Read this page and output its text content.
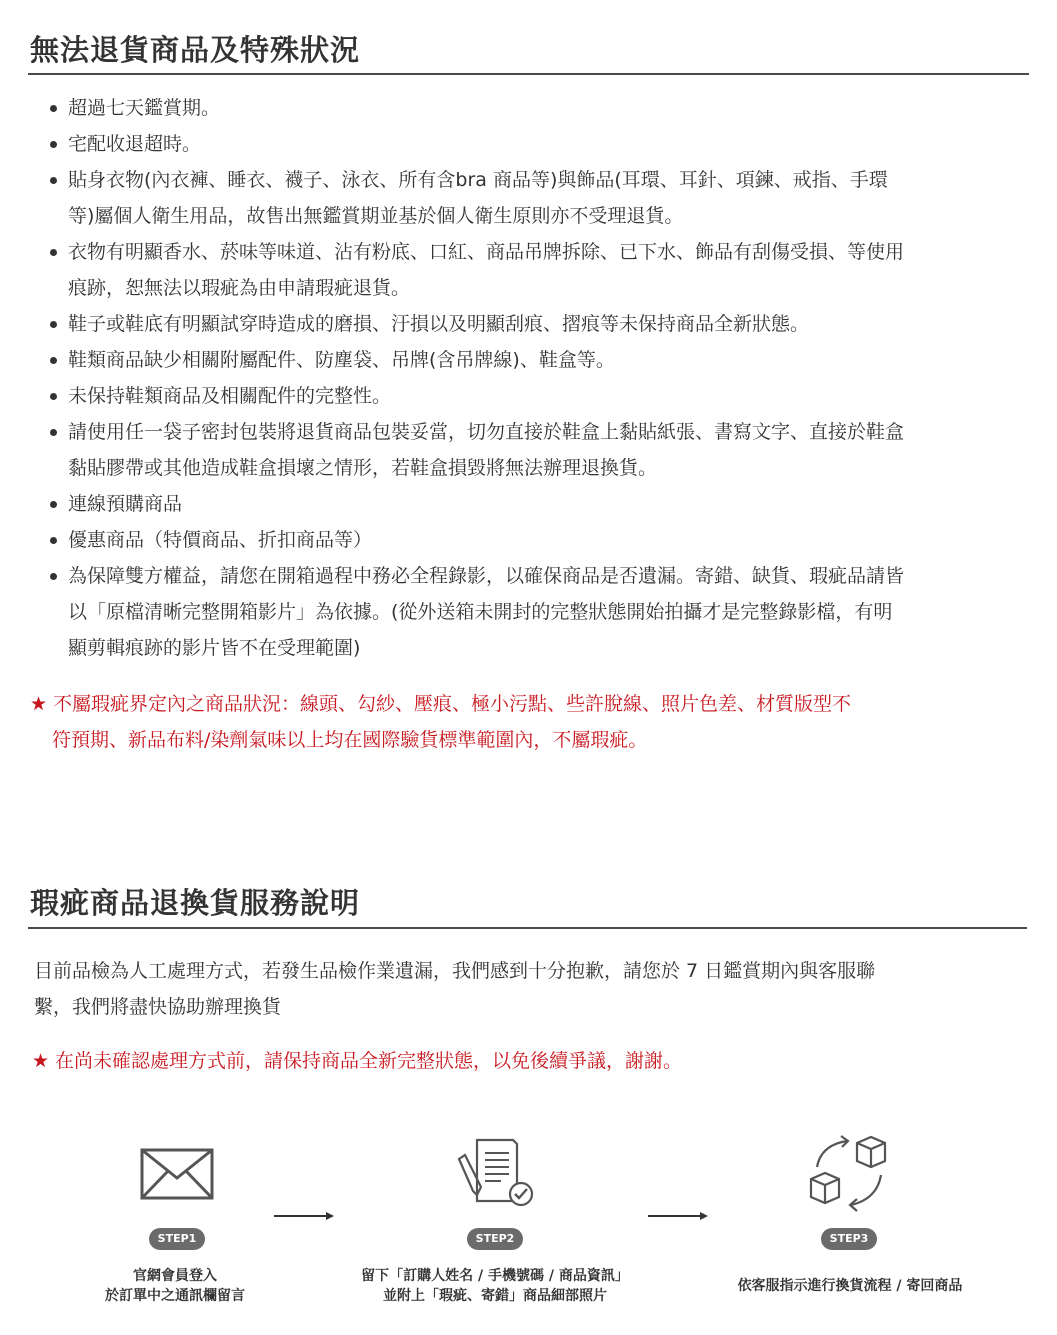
無法退貨商品及特殊狀況
超過七天鑑賞期。
宅配收退超時。
貼身衣物(內衣褲、睡衣、襪子、泳衣、所有含bra 商品等)與飾品(耳環、耳針、項鍊、戒指、手環
等)屬個人衛生用品，故售出無鑑賞期並基於個人衛生原則亦不受理退貨。
衣物有明顯香水、菸味等味道、沾有粉底、口紅、商品吊牌拆除、已下水、飾品有刮傷受損、等使用
痕跡，恕無法以瑕疵為由申請瑕疵退貨。
鞋子或鞋底有明顯試穿時造成的磨損、汙損以及明顯刮痕、摺痕等未保持商品全新狀態。
鞋類商品缺少相關附屬配件、防塵袋、吊牌(含吊牌線)、鞋盒等。
未保持鞋類商品及相關配件的完整性。
請使用任一袋子密封包裝將退貨商品包裝妥當，切勿直接於鞋盒上黏貼紙張、書寫文字、直接於鞋盒
黏貼膠帶或其他造成鞋盒損壞之情形，若鞋盒損毀將無法辦理退換貨。
連線預購商品
優惠商品（特價商品、折扣商品等）
為保障雙方權益，請您在開箱過程中務必全程錄影，以確保商品是否遺漏。寄錯、缺貨、瑕疵品請皆
以「原檔清晰完整開箱影片」為依據。(從外送箱未開封的完整狀態開始拍攝才是完整錄影檔，有明
顯剪輯痕跡的影片皆不在受理範圍)
★ 不屬瑕疵界定內之商品狀況：線頭、勾紗、壓痕、極小污點、些許脫線、照片色差、材質版型不
符預期、新品布料/染劑氣味以上均在國際驗貨標準範圍內，不屬瑕疵。
瑕疵商品退換貨服務說明
目前品檢為人工處理方式，若發生品檢作業遺漏，我們感到十分抱歉，請您於 7 日鑑賞期內與客服聯
繫，我們將盡快協助辦理換貨
★ 在尚未確認處理方式前，請保持商品全新完整狀態，以免後續爭議，謝謝。
STEP1	STEP2	STEP3
官網會員登入
於訂單中之通訊欄留言
留下「訂購人姓名 / 手機號碼 / 商品資訊」
並附上「瑕疵、寄錯」商品細部照片
依客服指示進行換貨流程 / 寄回商品
